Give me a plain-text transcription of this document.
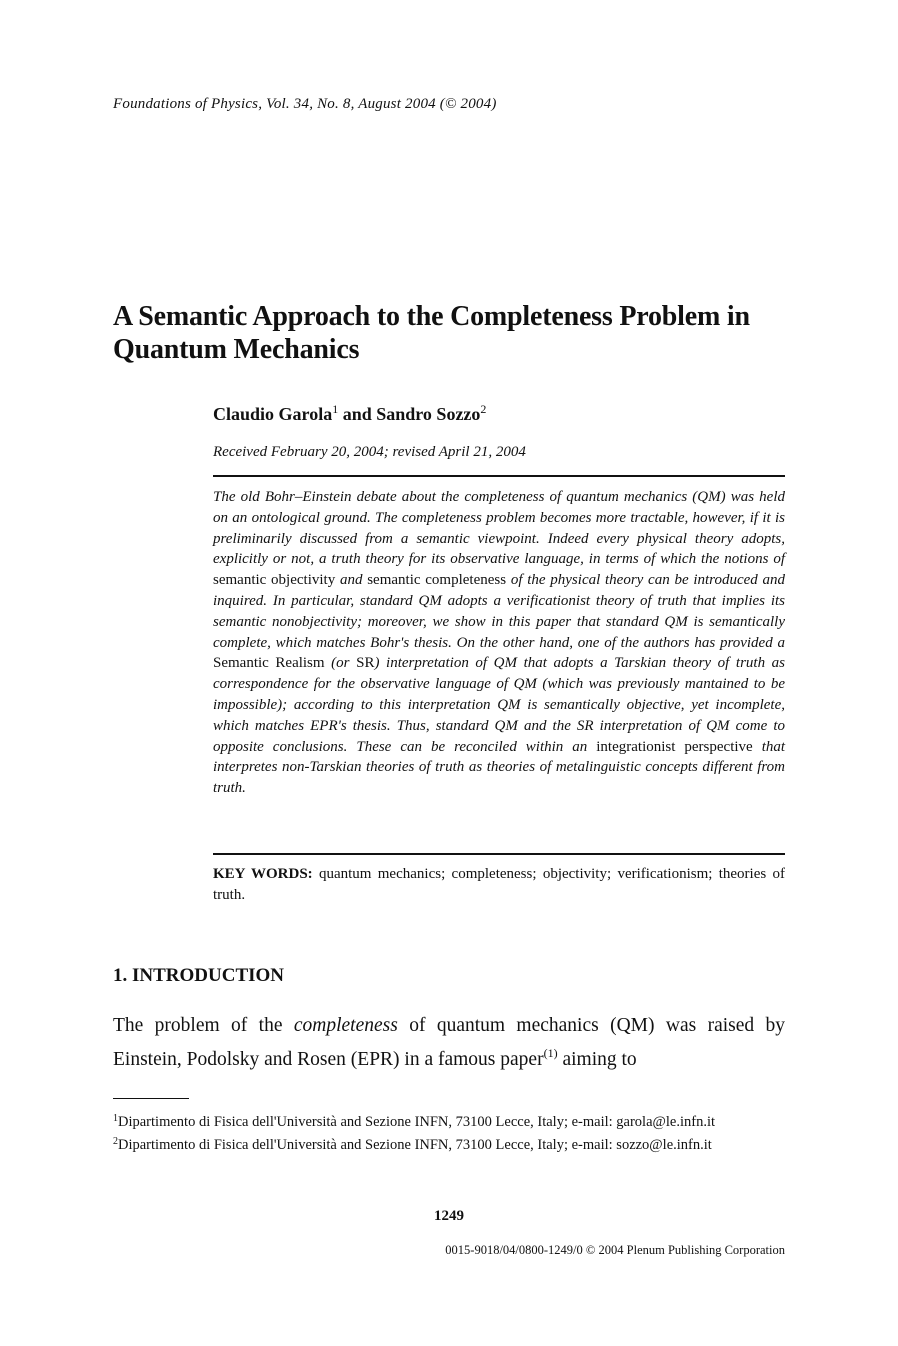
Foundations of Physics, Vol. 34, No. 8, August 2004 (© 2004)
A Semantic Approach to the Completeness Problem in Quantum Mechanics
Claudio Garola$^1$ and Sandro Sozzo$^2$
Received February 20, 2004; revised April 21, 2004
The old Bohr–Einstein debate about the completeness of quantum mechanics (QM) was held on an ontological ground. The completeness problem becomes more tractable, however, if it is preliminarily discussed from a semantic viewpoint. Indeed every physical theory adopts, explicitly or not, a truth theory for its observative language, in terms of which the notions of semantic objectivity and semantic completeness of the physical theory can be introduced and inquired. In particular, standard QM adopts a verificationist theory of truth that implies its semantic nonobjectivity; moreover, we show in this paper that standard QM is semantically complete, which matches Bohr's thesis. On the other hand, one of the authors has provided a Semantic Realism (or SR) interpretation of QM that adopts a Tarskian theory of truth as correspondence for the observative language of QM (which was previously mantained to be impossible); according to this interpretation QM is semantically objective, yet incomplete, which matches EPR's thesis. Thus, standard QM and the SR interpretation of QM come to opposite conclusions. These can be reconciled within an integrationist perspective that interpretes non-Tarskian theories of truth as theories of metalinguistic concepts different from truth.
KEY WORDS: quantum mechanics; completeness; objectivity; verificationism; theories of truth.
1. INTRODUCTION
The problem of the completeness of quantum mechanics (QM) was raised by Einstein, Podolsky and Rosen (EPR) in a famous paper$^{(1)}$ aiming to
$^1$Dipartimento di Fisica dell'Università and Sezione INFN, 73100 Lecce, Italy; e-mail: garola@le.infn.it
$^2$Dipartimento di Fisica dell'Università and Sezione INFN, 73100 Lecce, Italy; e-mail: sozzo@le.infn.it
1249
0015-9018/04/0800-1249/0 © 2004 Plenum Publishing Corporation
